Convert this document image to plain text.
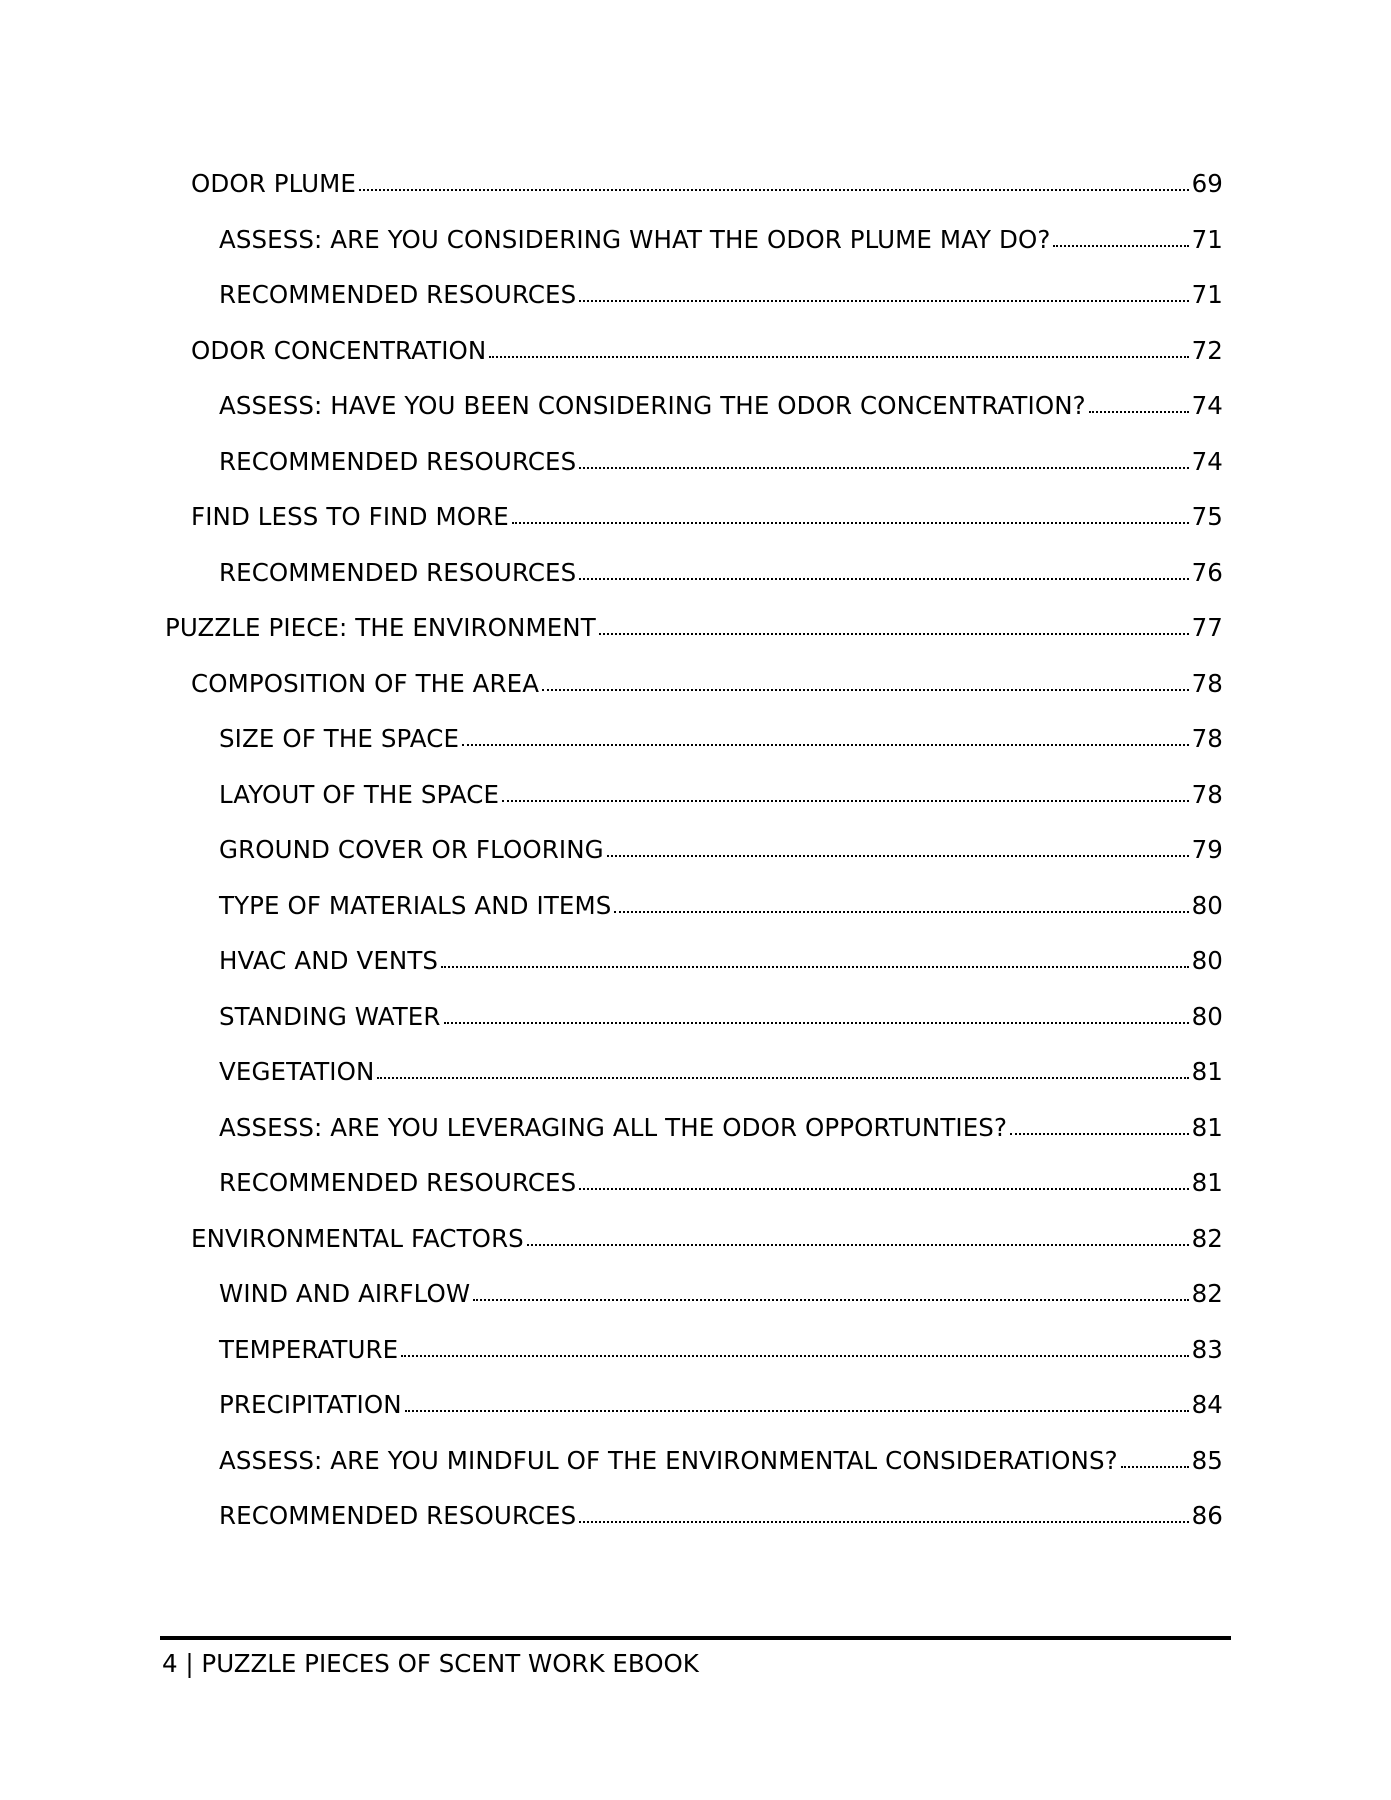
ODOR PLUME	69
ASSESS: ARE YOU CONSIDERING WHAT THE ODOR PLUME MAY DO?	71
RECOMMENDED RESOURCES	71
ODOR CONCENTRATION	72
ASSESS: HAVE YOU BEEN CONSIDERING THE ODOR CONCENTRATION?	74
RECOMMENDED RESOURCES	74
FIND LESS TO FIND MORE	75
RECOMMENDED RESOURCES	76
PUZZLE PIECE: THE ENVIRONMENT	77
COMPOSITION OF THE AREA	78
SIZE OF THE SPACE	78
LAYOUT OF THE SPACE	78
GROUND COVER OR FLOORING	79
TYPE OF MATERIALS AND ITEMS	80
HVAC AND VENTS	80
STANDING WATER	80
VEGETATION	81
ASSESS: ARE YOU LEVERAGING ALL THE ODOR OPPORTUNTIES?	81
RECOMMENDED RESOURCES	81
ENVIRONMENTAL FACTORS	82
WIND AND AIRFLOW	82
TEMPERATURE	83
PRECIPITATION	84
ASSESS: ARE YOU MINDFUL OF THE ENVIRONMENTAL CONSIDERATIONS?	85
RECOMMENDED RESOURCES	86
4 | PUZZLE PIECES OF SCENT WORK EBOOK
